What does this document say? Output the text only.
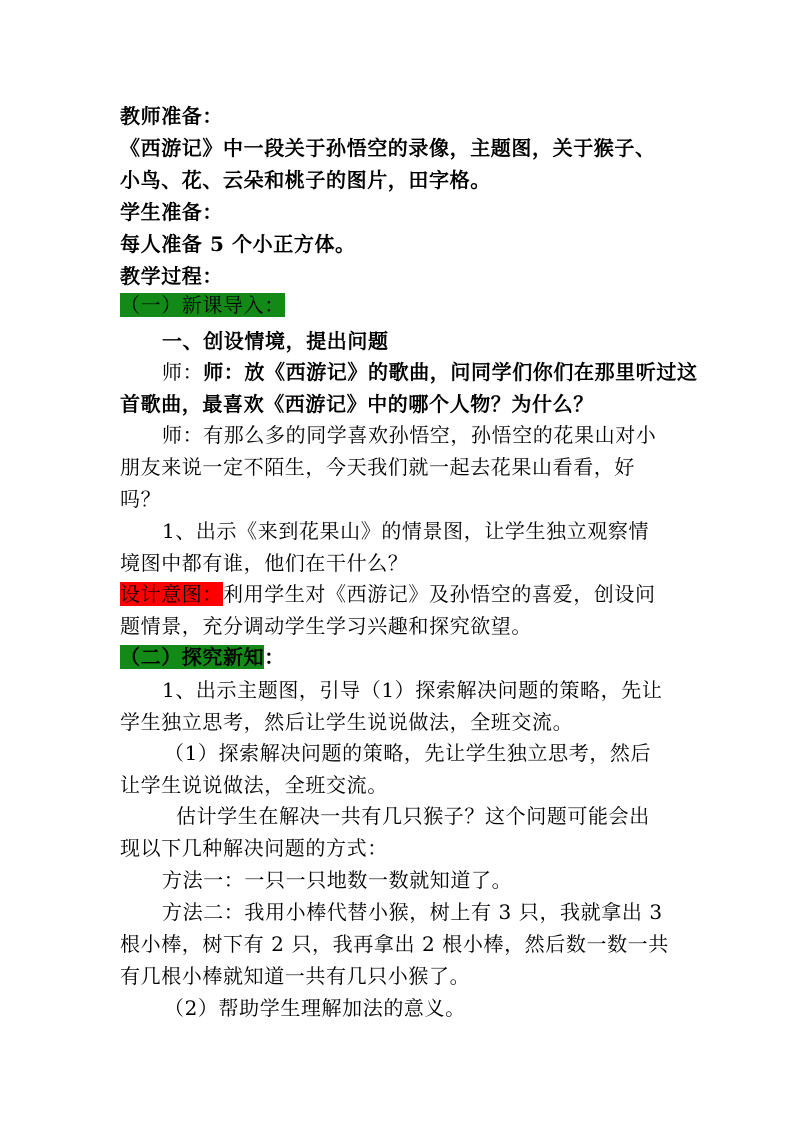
教师准备：
《西游记》中一段关于孙悟空的录像，主题图，关于猴子、
小鸟、花、云朵和桃子的图片，田字格。
学生准备：
每人准备 5 个小正方体。
教学过程：
（一）新课导入：
一、创设情境，提出问题
师：师：放《西游记》的歌曲，问同学们你们在那里听过这
首歌曲，最喜欢《西游记》中的哪个人物？为什么？
师：有那么多的同学喜欢孙悟空，孙悟空的花果山对小
朋友来说一定不陌生，今天我们就一起去花果山看看，好
吗？
1、出示《来到花果山》的情景图，让学生独立观察情
境图中都有谁，他们在干什么？
设计意图：利用学生对《西游记》及孙悟空的喜爱，创设问
题情景，充分调动学生学习兴趣和探究欲望。
（二）探究新知：
1、出示主题图，引导（1）探索解决问题的策略，先让
学生独立思考，然后让学生说说做法，全班交流。
（1）探索解决问题的策略，先让学生独立思考，然后
让学生说说做法，全班交流。
估计学生在解决一共有几只猴子？这个问题可能会出
现以下几种解决问题的方式：
方法一：一只一只地数一数就知道了。
方法二：我用小棒代替小猴，树上有 3 只，我就拿出 3
根小棒，树下有 2 只，我再拿出 2 根小棒，然后数一数一共
有几根小棒就知道一共有几只小猴了。
（2）帮助学生理解加法的意义。
